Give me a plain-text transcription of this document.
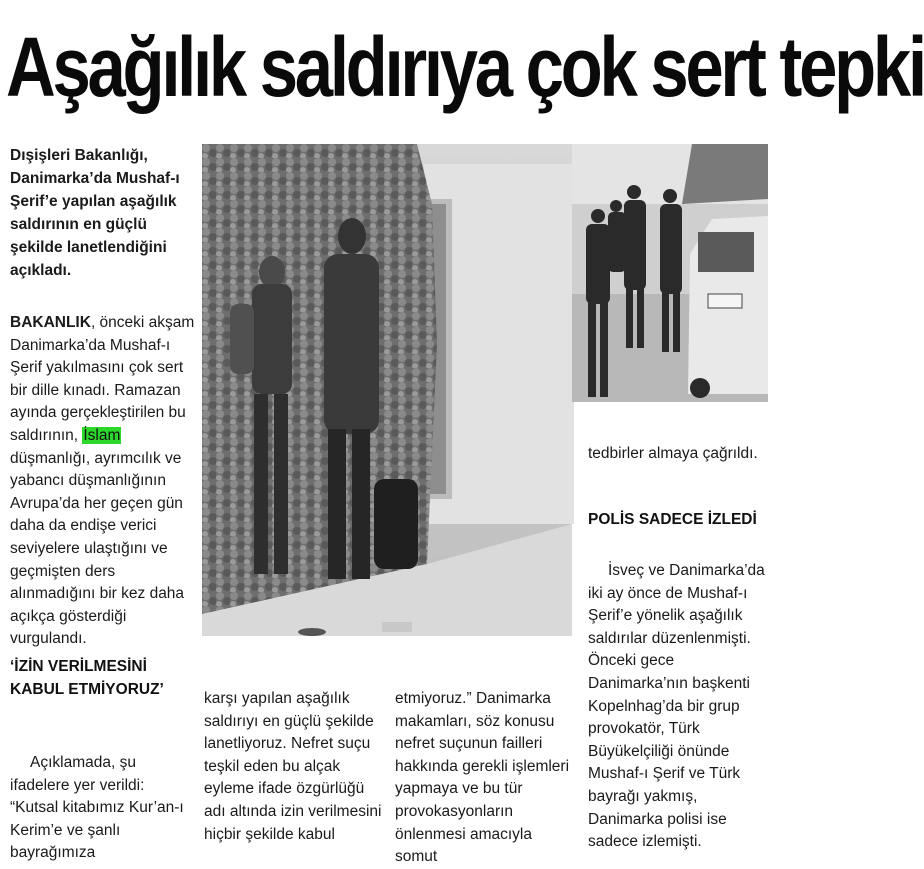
Aşağılık saldırıya çok sert tepki
Dışişleri Bakanlığı, Danimarka’da Mushaf-ı Şerif’e yapılan aşağılık saldırının en güçlü şekilde lanetlendiğini açıkladı.
BAKANLIK, önceki akşam Danimarka’da Mushaf-ı Şerif yakılmasını çok sert bir dille kınadı. Ramazan ayında gerçekleştirilen bu saldırının, İslam düşmanlığı, ayrımcılık ve yabancı düşmanlığının Avrupa’da her geçen gün daha da endişe verici seviyelere ulaştığını ve geçmişten ders alınmadığını bir kez daha açıkça gösterdiği vurgulandı.
‘İZİN VERİLMESİNİ KABUL ETMİYORUZ’
Açıklamada, şu ifadelere yer verildi: “Kutsal kitabımız Kur’an-ı Kerim’e ve şanlı bayrağımıza
karşı yapılan aşağılık saldırıyı en güçlü şekilde lanetliyoruz. Nefret suçu teşkil eden bu alçak eyleme ifade özgürlüğü adı altında izin verilmesini hiçbir şekilde kabul
etmiyoruz.” Danimarka makamları, söz konusu nefret suçunun failleri hakkında gerekli işlemleri yapmaya ve bu tür provokasyonların önlenmesi amacıyla somut
tedbirler almaya çağrıldı.
POLİS SADECE İZLEDİ
İsveç ve Danimarka’da iki ay önce de Mushaf-ı Şerif’e yönelik aşağılık saldırılar düzenlenmişti. Önceki gece Danimarka’nın başkenti Kopelnhag’da bir grup provokatör, Türk Büyükelçiliği önünde Mushaf-ı Şerif ve Türk bayrağı yakmış, Danimarka polisi ise sadece izlemişti.
